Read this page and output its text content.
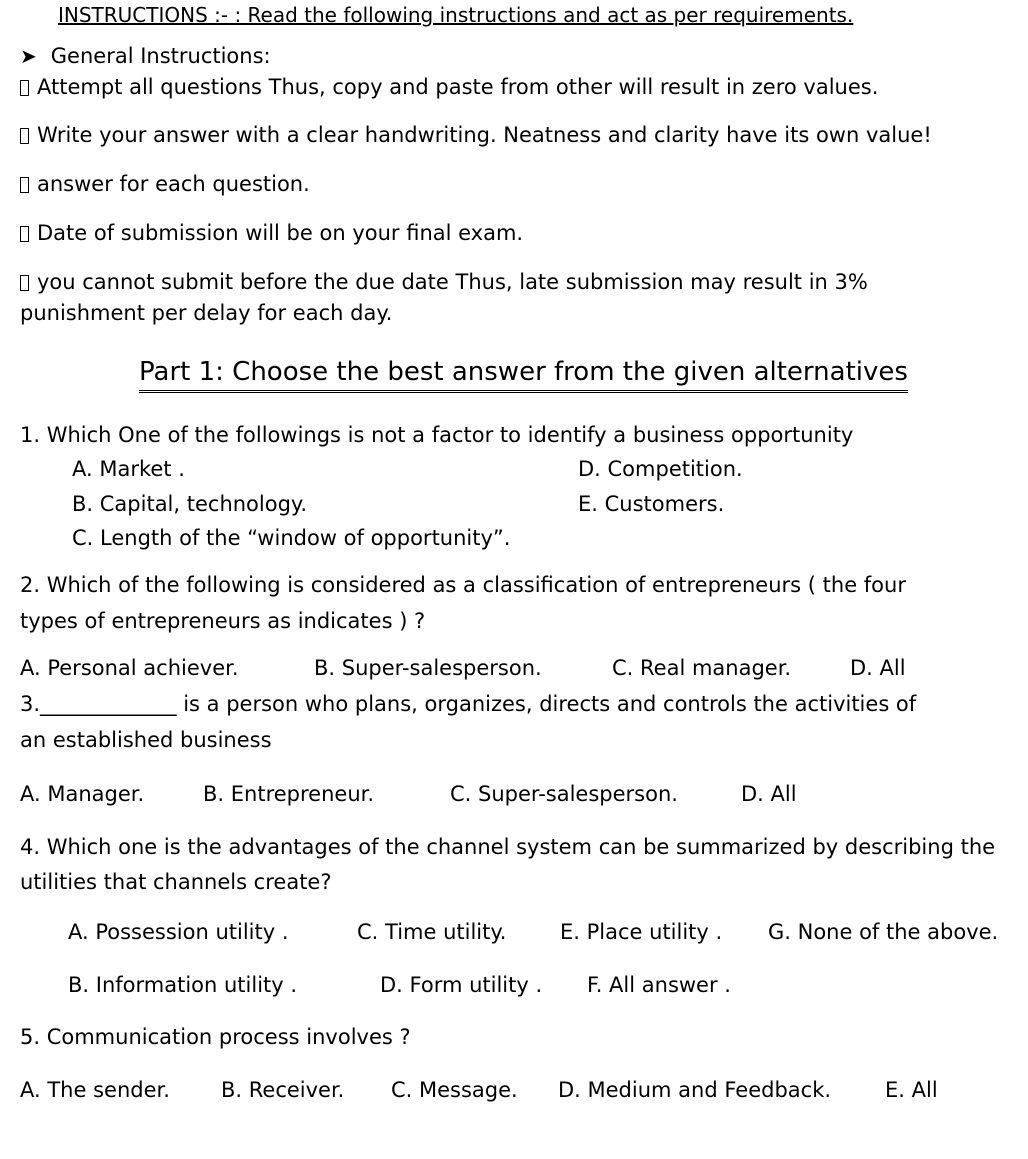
INSTRUCTIONS :- : Read the following instructions and act as per requirements.
➤ General Instructions:
Attempt all questions Thus, copy and paste from other will result in zero values.
Write your answer with a clear handwriting. Neatness and clarity have its own value!
answer for each question.
Date of submission will be on your final exam.
you cannot submit before the due date Thus, late submission may result in 3%
punishment per delay for each day.
Part 1: Choose the best answer from the given alternatives
1. Which One of the followings is not a factor to identify a business opportunity
A. Market .	D. Competition.
B. Capital, technology.	E. Customers.
C. Length of the “window of opportunity”.
2. Which of the following is considered as a classification of entrepreneurs ( the four
types of entrepreneurs as indicates ) ?
A. Personal achiever.	B. Super-salesperson.	C. Real manager.	D. All
3._____________ is a person who plans, organizes, directs and controls the activities of
an established business
A. Manager.	B. Entrepreneur.	C. Super-salesperson.	D. All
4. Which one is the advantages of the channel system can be summarized by describing the
utilities that channels create?
A. Possession utility .	C. Time utility.	E. Place utility . G. None of the above.
B. Information utility .	D. Form utility . F. All answer .
5. Communication process involves ?
A. The sender. B. Receiver. C. Message. D. Medium and Feedback.	E. All
